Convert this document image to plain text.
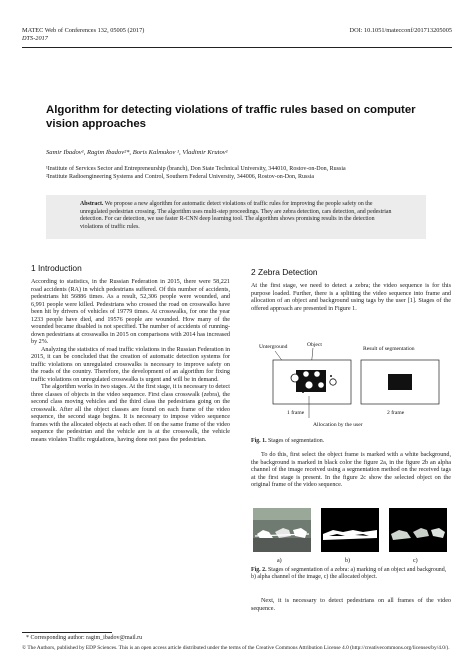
MATEC Web of Conferences 132, 05005 (2017)
DTS-2017
DOI: 10.1051/matecconf/201713205005
Algorithm for detecting violations of traffic rules based on computer vision approaches
Samir Ibadov¹, Ragim Ibadov²*, Boris Kalmukov ¹, Vladimir Krutov¹
¹Institute of Services Sector and Entrepreneurship (branch), Don State Technical University, 344010, Rostov-on-Don, Russia
²Institute Radioengineering Systems and Control, Southern Federal University, 344006, Rostov-on-Don, Russia
Abstract. We propose a new algorithm for automatic detect violations of traffic rules for improving the people safety on the unregulated pedestrian crossing. The algorithm uses multi-step proceedings. They are zebra detection, cars detection, and pedestrian detection. For car detection, we use faster R-CNN deep learning tool. The algorithm shows promising results in the detection violations of traffic rules.
1 Introduction

According to statistics, in the Russian Federation in 2015, there were 58,221 road accidents (RA) in which pedestrians suffered. Of this number of accidents, pedestrians hit 56886 times. As a result, 52,306 people were wounded, and 6,991 people were killed. Pedestrians who crossed the road on crosswalks have been hit by drivers of vehicles of 19779 times. At crosswalks, for one the year 1233 people have died, and 19576 people are wounded. How many of the wounded became disabled is not specified. The number of accidents of running-down pedestrians at crosswalks in 2015 on comparisons with 2014 has increased by 2%.

Analyzing the statistics of road traffic violations in the Russian Federation in 2015, it can be concluded that the creation of automatic detection systems for traffic violations on unregulated crosswalks is necessary to improve safety on the roads of the country. Therefore, the development of an algorithm for fixing traffic violations on unregulated crosswalks is urgent and will be in demand.

The algorithm works in two stages. At the first stage, it is necessary to detect three classes of objects in the video sequence. First class crosswalk (zebra), the second class moving vehicles and the third class the pedestrians going on the crosswalk. After all the object classes are found on each frame of the video sequence, the second stage begins. It is necessary to impose video sequence frames with the allocated objects at each other. If on the same frame of the video sequence the pedestrian and the vehicle are is at the crosswalk, the vehicle means violates Traffic regulations, having done not pass the pedestrian.

2 Zebra Detection

At the first stage, we need to detect a zebra; the video sequence is for this purpose loaded. Further, there is a splitting the video sequence into frame and allocation of an object and background using tags by the user [1]. Stages of the offered approach are presented in Figure 1.

Unterground	Object
Result of segmentation
1 frame	2 frame
Allocation by the user
Fig. 1. Stages of segmentation.

To do this, first select the object frame is marked with a white background, the background is marked in black color the figure 2a, in the figure 2b an alpha channel of the image received using a segmentation method on the received tags at the first stage is present. In the figure 2c show the selected object on the original frame of the video sequence.

a)	b)	c)
Fig. 2. Stages of segmentation of a zebra: a) marking of an object and background, b) alpha channel of the image, c) the allocated object.

Next, it is necessary to detect pedestrians on all frames of the video sequence.

* Corresponding author: ragim_ibadov@mail.ru
© The Authors, published by EDP Sciences. This is an open access article distributed under the terms of the Creative Commons Attribution License 4.0 (http://creativecommons.org/licenses/by/4.0/).
